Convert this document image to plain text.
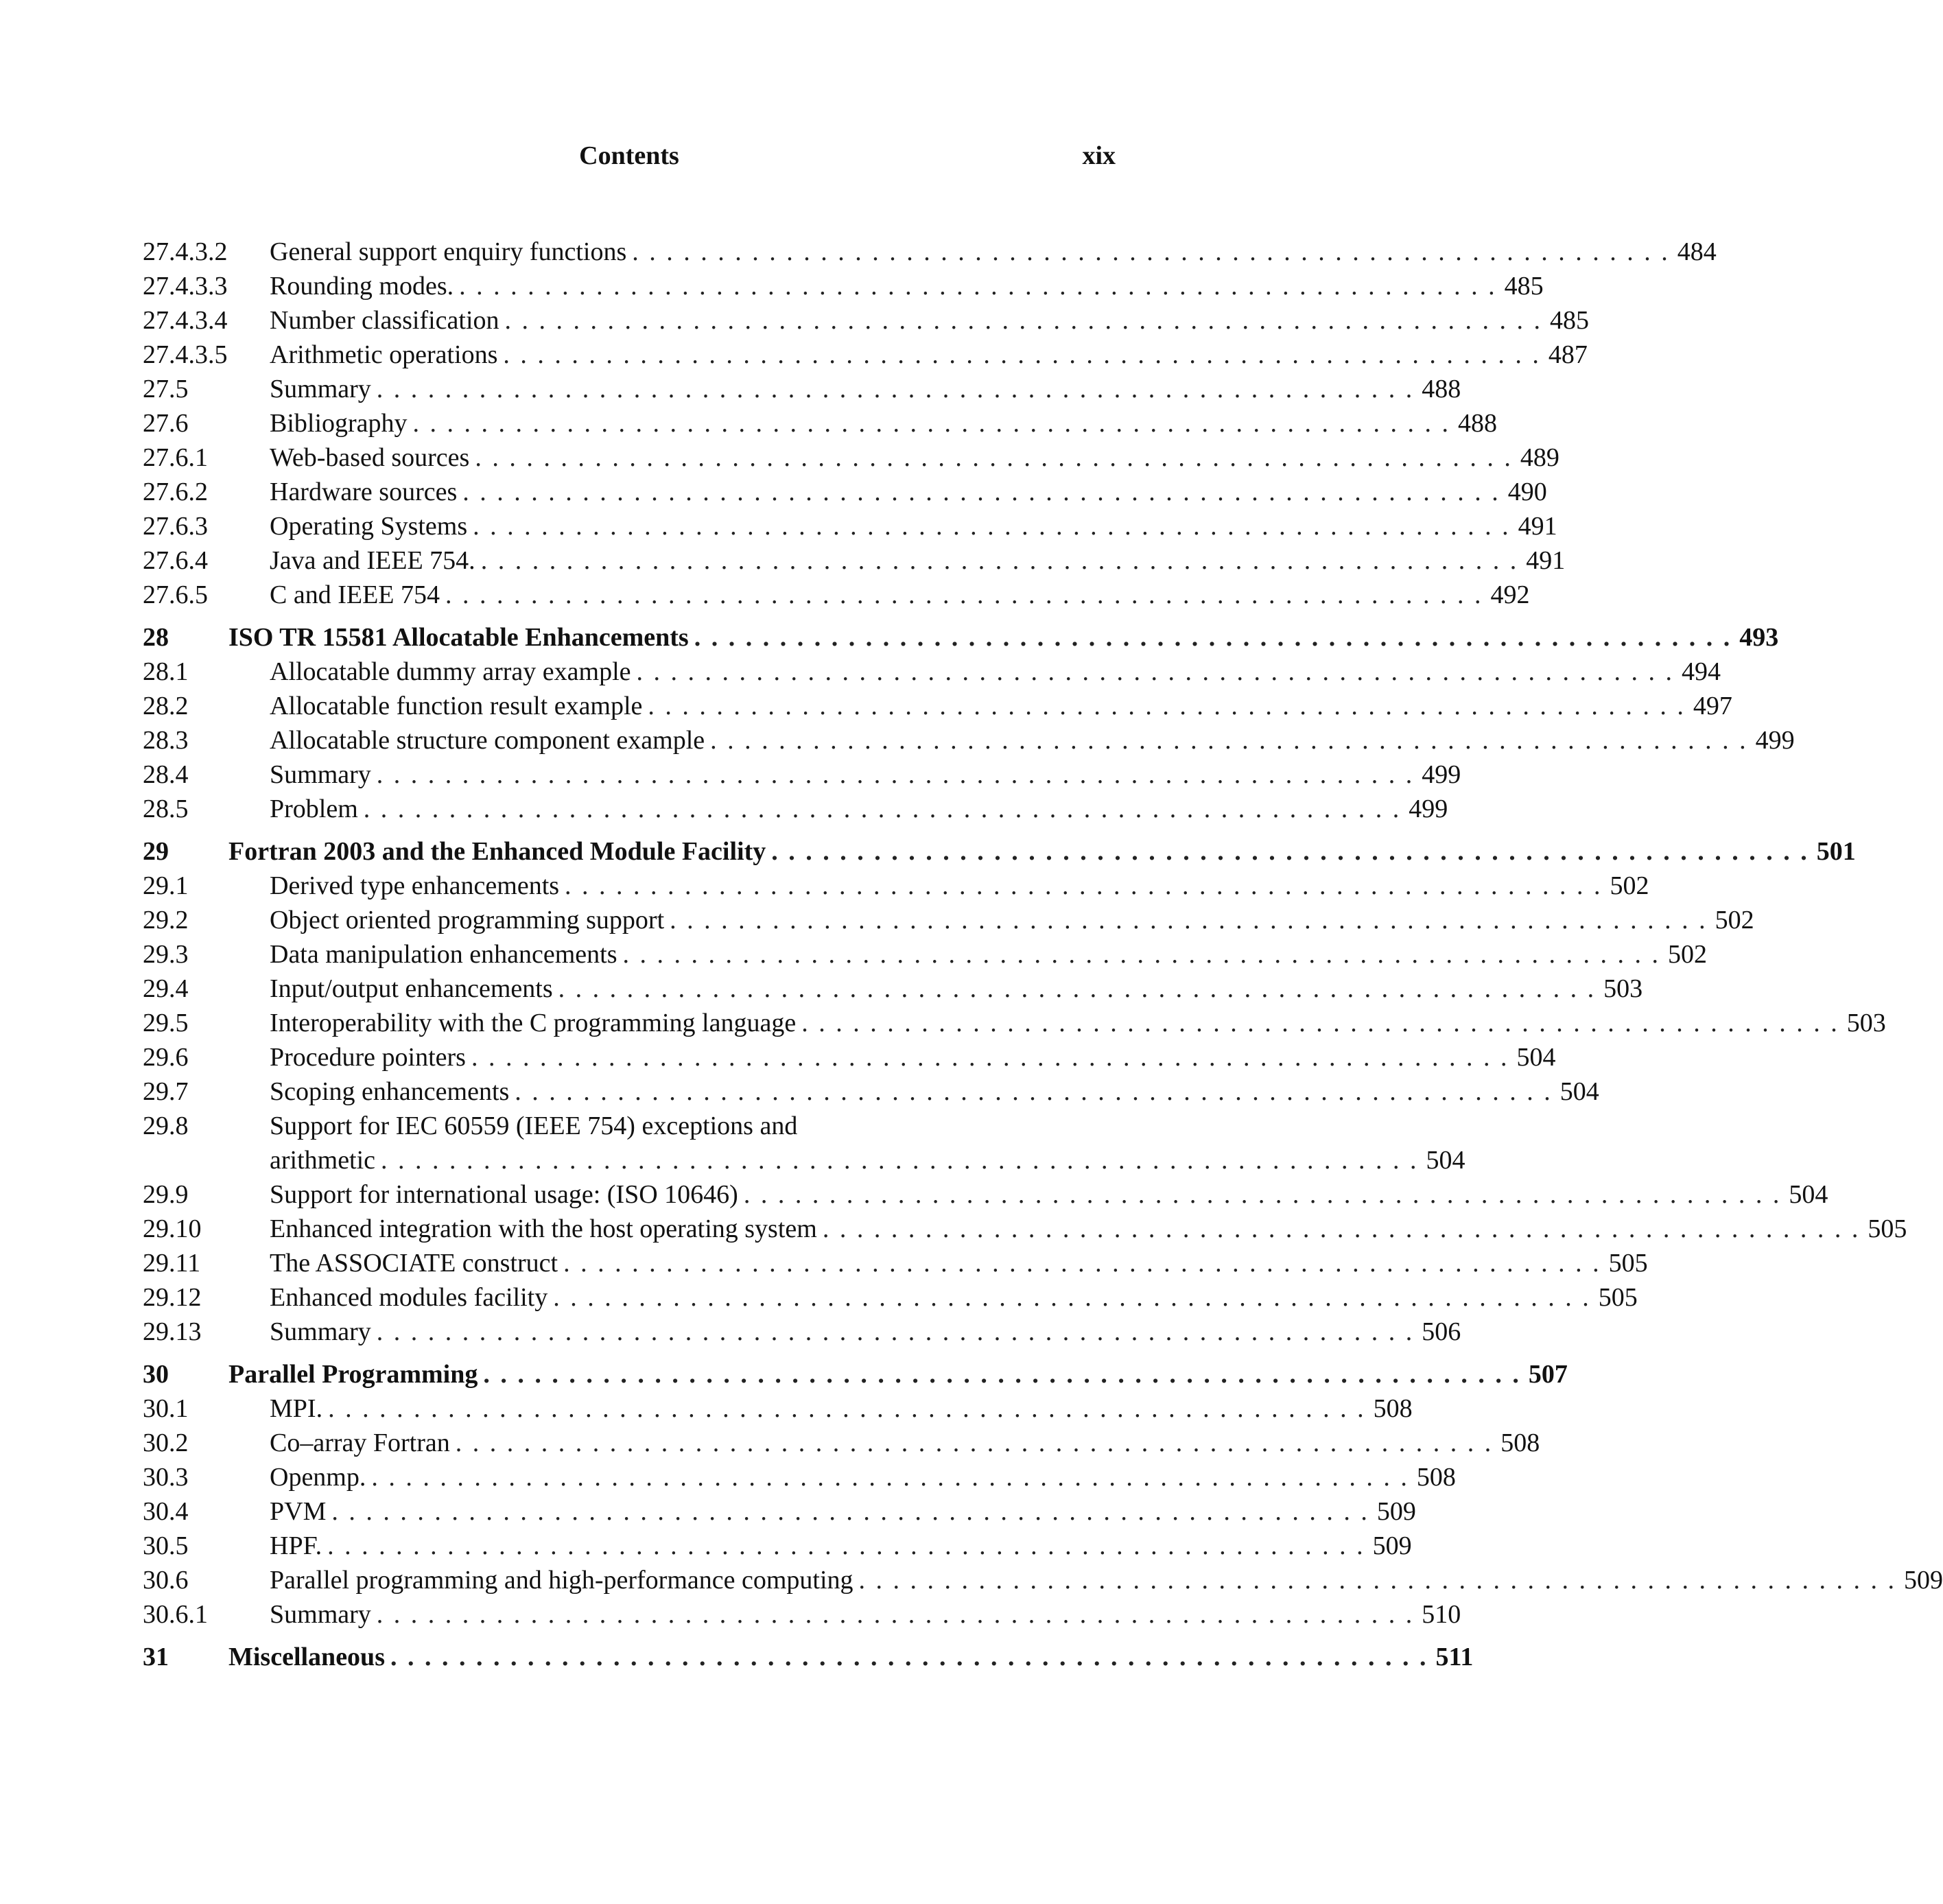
Contents	xix
27.4.3.2	General support enquiry functions . . .	484
27.4.3.3	Rounding modes. . . .	485
27.4.3.4	Number classification . . .	485
27.4.3.5	Arithmetic operations . . .	487
27.5	Summary . . .	488
27.6	Bibliography . . .	488
27.6.1	Web-based sources . . .	489
27.6.2	Hardware sources . . .	490
27.6.3	Operating Systems . . .	491
27.6.4	Java and IEEE 754. . . .	491
27.6.5	C and IEEE 754 . . .	492
28	ISO TR 15581 Allocatable Enhancements . . .	493
28.1	Allocatable dummy array example . . .	494
28.2	Allocatable function result example . . .	497
28.3	Allocatable structure component example . . .	499
28.4	Summary . . .	499
28.5	Problem . . .	499
29	Fortran 2003 and the Enhanced Module Facility . . .	501
29.1	Derived type enhancements . . .	502
29.2	Object oriented programming support . . .	502
29.3	Data manipulation enhancements . . .	502
29.4	Input/output enhancements . . .	503
29.5	Interoperability with the C programming language . . .	503
29.6	Procedure pointers . . .	504
29.7	Scoping enhancements . . .	504
29.8	Support for IEC 60559 (IEEE 754) exceptions and
arithmetic . . .	504
29.9	Support for international usage: (ISO 10646) . . .	504
29.10	Enhanced integration with the host operating system . . .	505
29.11	The ASSOCIATE construct . . .	505
29.12	Enhanced modules facility . . .	505
29.13	Summary . . .	506
30	Parallel Programming . . .	507
30.1	MPI. . . .	508
30.2	Co–array Fortran . . .	508
30.3	Openmp. . . .	508
30.4	PVM . . .	509
30.5	HPF. . . .	509
30.6	Parallel programming and high-performance computing . . .	509
30.6.1	Summary . . .	510
31	Miscellaneous . . .	511
